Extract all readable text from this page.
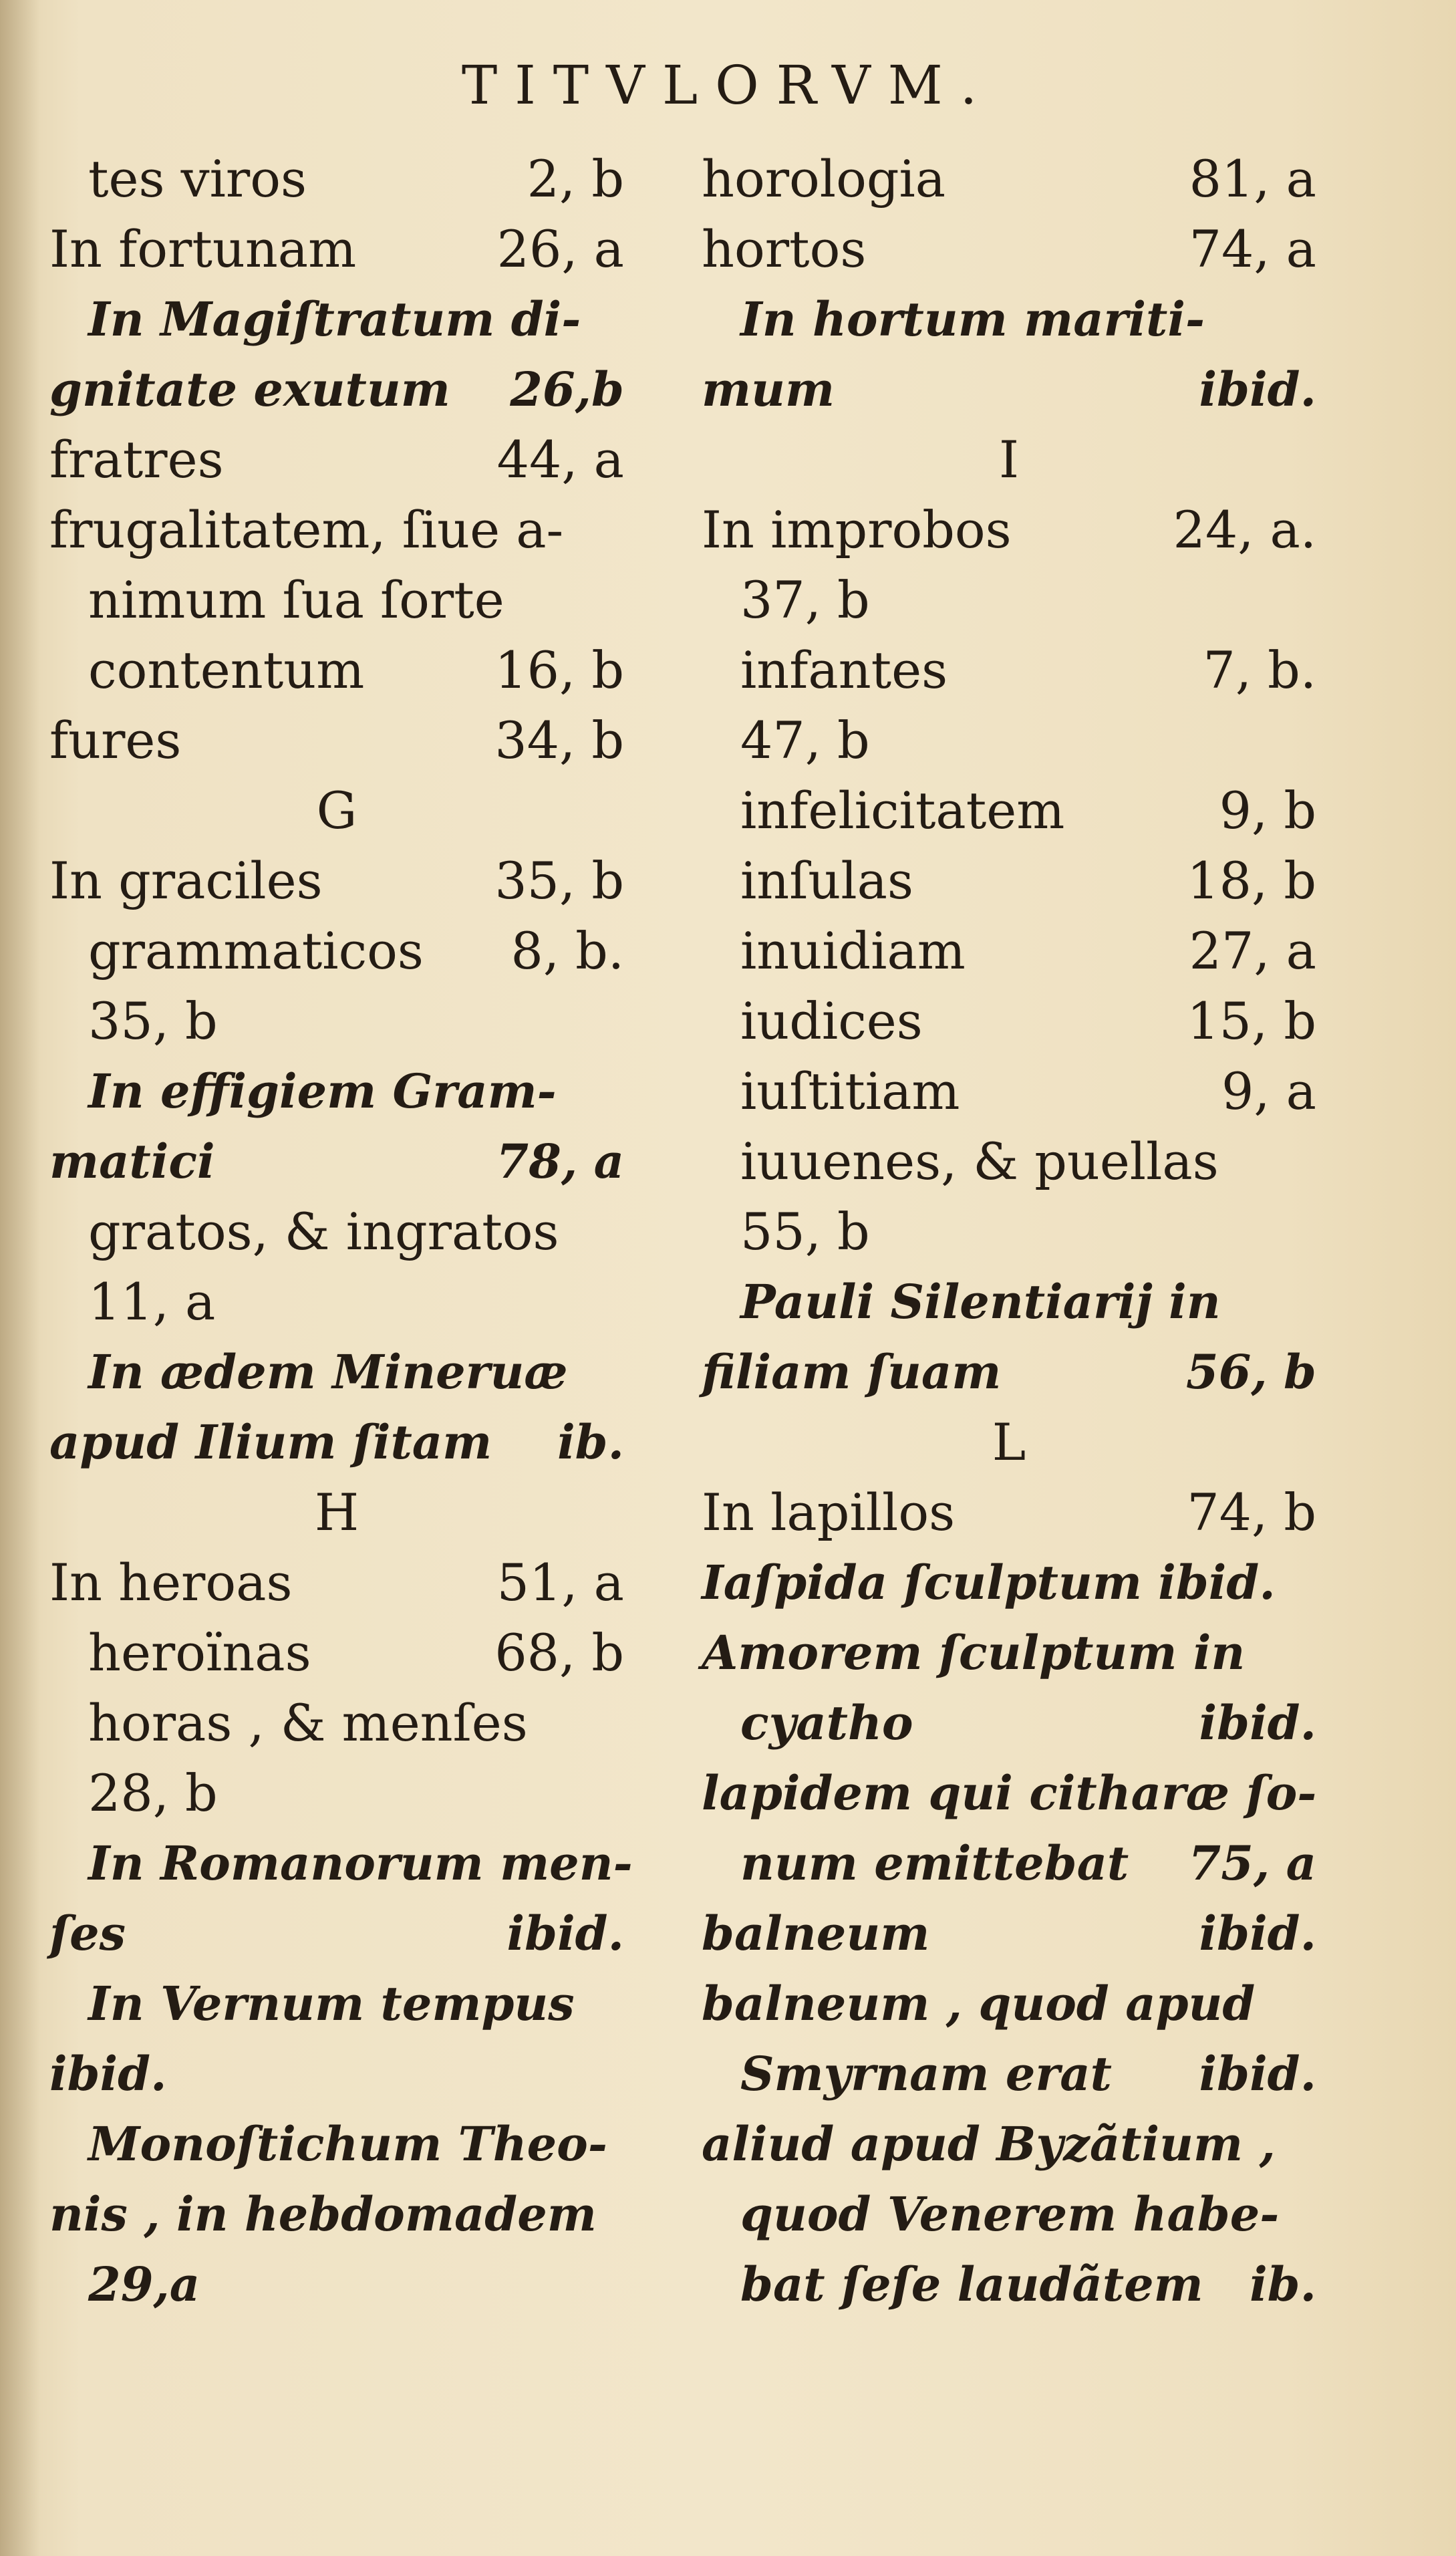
TITVLORVM.
tes viros	2, b
In fortunam	26, a
In Magiſtratum di-
gnitate exutum 26,b
fratres	44, a
frugalitatem, ſiue a-
nimum ſua ſorte
contentum	16, b
fures	34, b
G
In graciles	35, b
grammaticos 8, b.
35, b
In effigiem Gram-
matici	78, a
gratos, & ingratos
11, a
In ædem Mineruæ
apud Ilium ſitam ib.
H
In heroas	51, a
heroïnas	68, b
horas , & menſes
28, b
In Romanorum men-
ſes	ibid.
In Vernum tempus
ibid.
Monoſtichum Theo-
nis , in hebdomadem
29,a
horologia	81, a
hortos	74, a
In hortum mariti-
mum	ibid.
I
In improbos	24, a.
37, b
infantes	7, b.
47, b
infelicitatem	9, b
inſulas	18, b
inuidiam	27, a
iudices	15, b
iuſtitiam	9, a
iuuenes, & puellas
55, b
Pauli Silentiarij in
filiam ſuam	56, b
L
In lapillos	74, b
Iaſpida ſculptum ibid.
Amorem ſculptum in
cyatho	ibid.
lapidem qui citharæ ſo-
num emittebat 75, a
balneum	ibid.
balneum , quod apud
Smyrnam erat ibid.
aliud apud Byzãtium ,
quod Venerem habe-
bat ſeſe laudãtem ib.
